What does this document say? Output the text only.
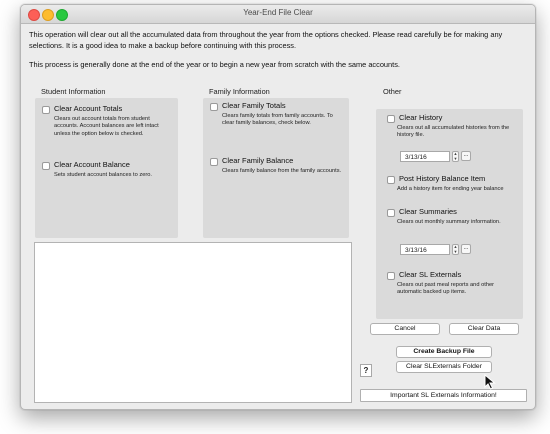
Year-End File Clear
This operation will clear out all the accumulated data from throughout the year from the options checked. Please read carefully be for making any selections. It is a good idea to make a backup before continuing with this process.
This process is generally done at the end of the year or to begin a new year from scratch with the same accounts.
Student Information
Clear Account Totals
Clears out account totals from student accounts. Account balances are left intact unless the option below is checked.
Clear Account Balance
Sets student account balances to zero.
Family Information
Clear Family Totals
Clears family totals from family accounts. To clear family balances, check below.
Clear Family Balance
Clears family balance from the family accounts.
Other
Clear History
Clears out all accumulated histories from the history file.
3/13/16
▲
▼	...
Post History Balance Item
Add a history item for ending year balance
Clear Summaries
Clears out monthly summary information.
3/13/16
▲
▼	...
Clear SL Externals
Clears out past meal reports and other automatic backed up items.
Cancel	Clear Data
Create Backup File
Clear SLExternals Folder
?
Important SL Externals Information!
